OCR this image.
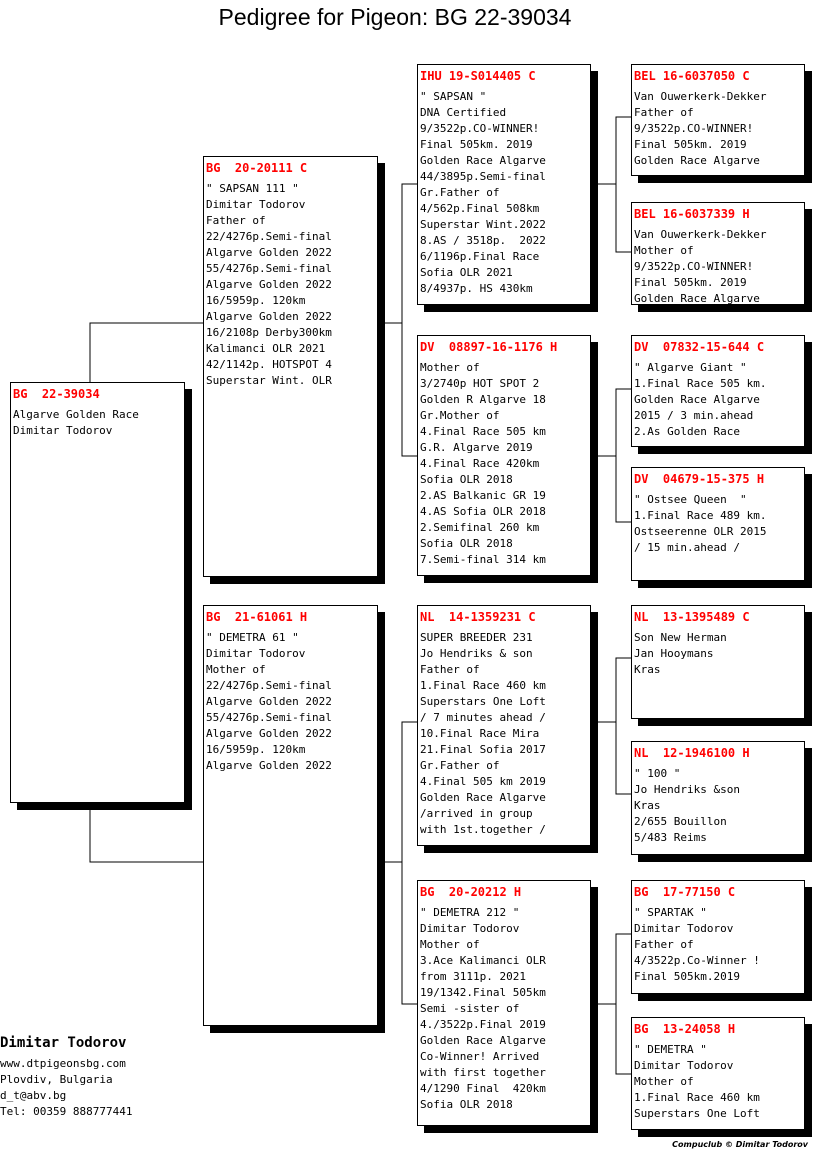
Pedigree for Pigeon: BG 22-39034
BG  22-39034
Algarve Golden Race
Dimitar Todorov
BG  20-20111 C
" SAPSAN 111 "
Dimitar Todorov
Father of
22/4276p.Semi-final
Algarve Golden 2022
55/4276p.Semi-final
Algarve Golden 2022
16/5959p. 120km
Algarve Golden 2022
16/2108p Derby300km
Kalimanci OLR 2021
42/1142p. HOTSPOT 4
Superstar Wint. OLR
BG  21-61061 H
" DEMETRA 61 "
Dimitar Todorov
Mother of
22/4276p.Semi-final
Algarve Golden 2022
55/4276p.Semi-final
Algarve Golden 2022
16/5959p. 120km
Algarve Golden 2022
IHU 19-S014405 C
" SAPSAN "
DNA Certified
9/3522p.CO-WINNER!
Final 505km. 2019
Golden Race Algarve
44/3895p.Semi-final
Gr.Father of
4/562p.Final 508km
Superstar Wint.2022
8.AS / 3518p.  2022
6/1196p.Final Race
Sofia OLR 2021
8/4937p. HS 430km
DV  08897-16-1176 H
Mother of
3/2740p HOT SPOT 2
Golden R Algarve 18
Gr.Mother of
4.Final Race 505 km
G.R. Algarve 2019
4.Final Race 420km
Sofia OLR 2018
2.AS Balkanic GR 19
4.AS Sofia OLR 2018
2.Semifinal 260 km
Sofia OLR 2018
7.Semi-final 314 km
NL  14-1359231 C
SUPER BREEDER 231
Jo Hendriks & son
Father of
1.Final Race 460 km
Superstars One Loft
/ 7 minutes ahead /
10.Final Race Mira
21.Final Sofia 2017
Gr.Father of
4.Final 505 km 2019
Golden Race Algarve
/arrived in group
with 1st.together /
BG  20-20212 H
" DEMETRA 212 "
Dimitar Todorov
Mother of
3.Ace Kalimanci OLR
from 3111p. 2021
19/1342.Final 505km
Semi -sister of
4./3522p.Final 2019
Golden Race Algarve
Co-Winner! Arrived
with first together
4/1290 Final  420km
Sofia OLR 2018
BEL 16-6037050 C
Van Ouwerkerk-Dekker
Father of
9/3522p.CO-WINNER!
Final 505km. 2019
Golden Race Algarve
BEL 16-6037339 H
Van Ouwerkerk-Dekker
Mother of
9/3522p.CO-WINNER!
Final 505km. 2019
Golden Race Algarve
DV  07832-15-644 C
" Algarve Giant "
1.Final Race 505 km.
Golden Race Algarve
2015 / 3 min.ahead
2.As Golden Race
DV  04679-15-375 H
" Ostsee Queen  "
1.Final Race 489 km.
Ostseerenne OLR 2015
/ 15 min.ahead /
NL  13-1395489 C
Son New Herman
Jan Hooymans
Kras
NL  12-1946100 H
" 100 "
Jo Hendriks &son
Kras
2/655 Bouillon
5/483 Reims
BG  17-77150 C
" SPARTAK "
Dimitar Todorov
Father of
4/3522p.Co-Winner !
Final 505km.2019
BG  13-24058 H
" DEMETRA "
Dimitar Todorov
Mother of
1.Final Race 460 km
Superstars One Loft
Dimitar Todorov
www.dtpigeonsbg.com
Plovdiv, Bulgaria
d_t@abv.bg
Tel: 00359 888777441
Compuclub © Dimitar Todorov
